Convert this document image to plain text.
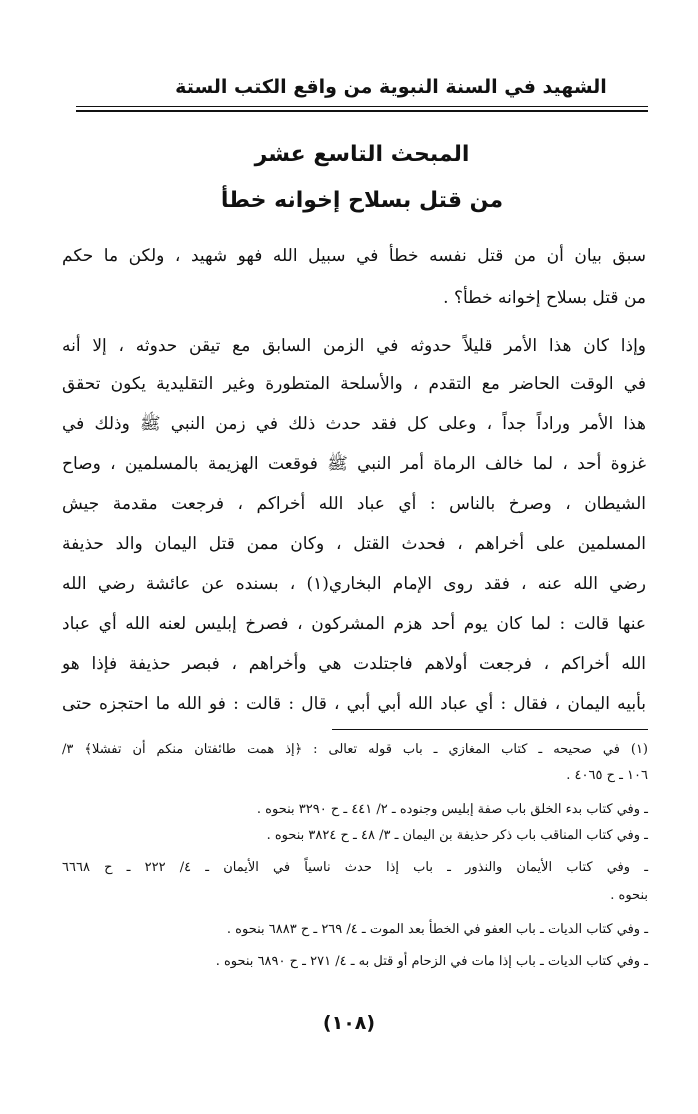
الشهيد في السنة النبوية من واقع الكتب الستة
المبحث التاسع عشر
من قتل بسلاح إخوانه خطأ
سبق بيان أن من قتل نفسه خطأ في سبيل الله فهو شهيد ، ولكن ما حكم
من قتل بسلاح إخوانه خطأ؟ .
وإذا كان هذا الأمر قليلاً حدوثه في الزمن السابق مع تيقن حدوثه ، إلا أنه
في الوقت الحاضر مع التقدم ، والأسلحة المتطورة وغير التقليدية يكون تحقق
هذا الأمر وراداً جداً ، وعلى كل فقد حدث ذلك في زمن النبي ﷺ وذلك في
غزوة أحد ، لما خالف الرماة أمر النبي ﷺ فوقعت الهزيمة بالمسلمين ، وصاح
الشيطان ، وصرخ بالناس : أي عباد الله أخراكم ، فرجعت مقدمة جيش
المسلمين على أخراهم ، فحدث القتل ، وكان ممن قتل اليمان والد حذيفة
رضي الله عنه ، فقد روى الإمام البخاري(١) ، بسنده عن عائشة رضي الله
عنها قالت : لما كان يوم أحد هزم المشركون ، فصرخ إبليس لعنه الله أي عباد
الله أخراكم ، فرجعت أولاهم فاجتلدت هي وأخراهم ، فبصر حذيفة فإذا هو
بأبيه اليمان ، فقال : أي عباد الله أبي أبي ، قال : قالت : فو الله ما احتجزه حتى
(١) في صحيحه ـ كتاب المغازي ـ باب قوله تعالى : ﴿إذ همت طائفتان منكم أن تفشلا﴾ ٣/
١٠٦ ـ ح ٤٠٦٥ .
ـ وفي كتاب بدء الخلق باب صفة إبليس وجنوده ـ ٢/ ٤٤١ ـ ح ٣٢٩٠ بنحوه .
ـ وفي كتاب المناقب باب ذكر حذيفة بن اليمان ـ ٣/ ٤٨ ـ ح ٣٨٢٤ بنحوه .
ـ وفي كتاب الأيمان والنذور ـ باب إذا حدث ناسياً في الأيمان ـ ٤/ ٢٢٢ ـ ح ٦٦٦٨
بنحوه .
ـ وفي كتاب الديات ـ باب العفو في الخطأ بعد الموت ـ ٤/ ٢٦٩ ـ ح ٦٨٨٣ بنحوه .
ـ وفي كتاب الديات ـ باب إذا مات في الزحام أو قتل به ـ ٤/ ٢٧١ ـ ح ٦٨٩٠ بنحوه .
(١٠٨)
